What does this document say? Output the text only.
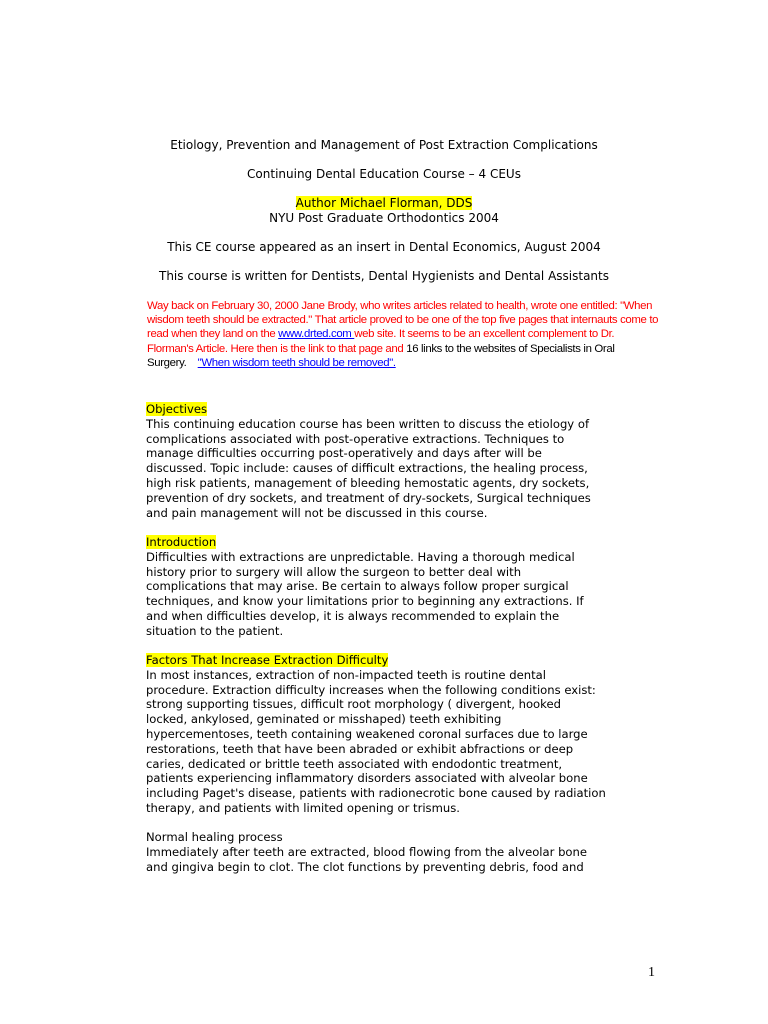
Etiology, Prevention and Management of Post Extraction Complications
Continuing Dental Education Course – 4 CEUs
Author Michael Florman, DDS
NYU Post Graduate Orthodontics 2004
This CE course appeared as an insert in Dental Economics, August 2004
This course is written for Dentists, Dental Hygienists and Dental Assistants
Way back on February 30, 2000 Jane Brody, who writes articles related to health, wrote one entitled: "When
wisdom teeth should be extracted." That article proved to be one of the top five pages that internauts come to
read when they land on the www.drted.com web site. It seems to be an excellent complement to Dr.
Florman's Article. Here then is the link to that page and 16 links to the websites of Specialists in Oral
Surgery. "When wisdom teeth should be removed".
Objectives
This continuing education course has been written to discuss the etiology of
complications associated with post-operative extractions. Techniques to
manage difficulties occurring post-operatively and days after will be
discussed. Topic include: causes of difficult extractions, the healing process,
high risk patients, management of bleeding hemostatic agents, dry sockets,
prevention of dry sockets, and treatment of dry-sockets, Surgical techniques
and pain management will not be discussed in this course.
Introduction
Difficulties with extractions are unpredictable. Having a thorough medical
history prior to surgery will allow the surgeon to better deal with
complications that may arise. Be certain to always follow proper surgical
techniques, and know your limitations prior to beginning any extractions. If
and when difficulties develop, it is always recommended to explain the
situation to the patient.
Factors That Increase Extraction Difficulty
In most instances, extraction of non-impacted teeth is routine dental
procedure. Extraction difficulty increases when the following conditions exist:
strong supporting tissues, difficult root morphology ( divergent, hooked
locked, ankylosed, geminated or misshaped) teeth exhibiting
hypercementoses, teeth containing weakened coronal surfaces due to large
restorations, teeth that have been abraded or exhibit abfractions or deep
caries, dedicated or brittle teeth associated with endodontic treatment,
patients experiencing inflammatory disorders associated with alveolar bone
including Paget's disease, patients with radionecrotic bone caused by radiation
therapy, and patients with limited opening or trismus.
Normal healing process
Immediately after teeth are extracted, blood flowing from the alveolar bone
and gingiva begin to clot. The clot functions by preventing debris, food and
1
